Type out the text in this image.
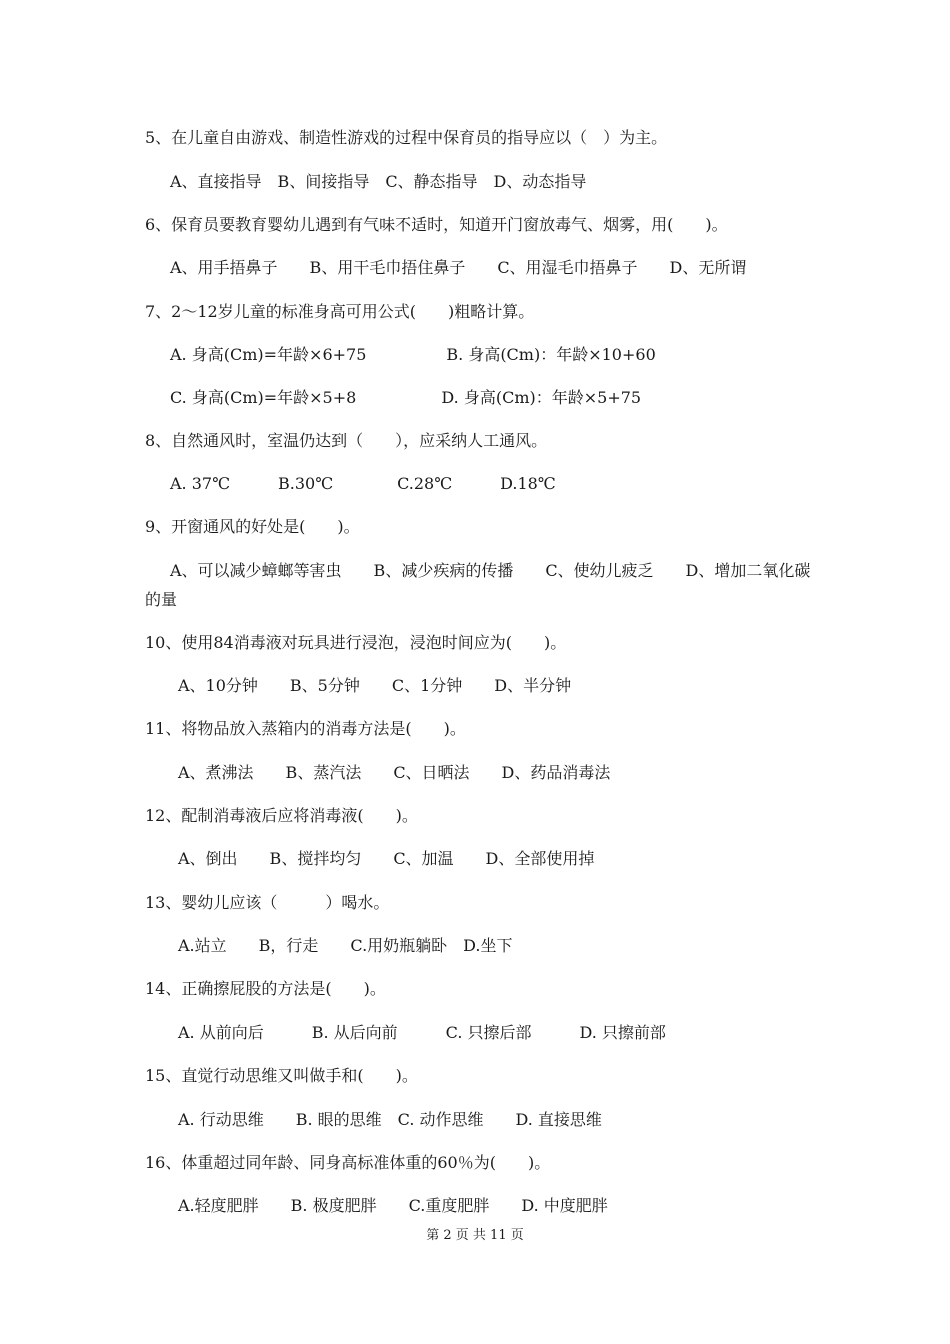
5、在儿童自由游戏、制造性游戏的过程中保育员的指导应以（　）为主。
A、直接指导　B、间接指导　C、静态指导　D、动态指导
6、保育员要教育婴幼儿遇到有气味不适时，知道开门窗放毒气、烟雾，用(　　)。
A、用手捂鼻子　　B、用干毛巾捂住鼻子　　C、用湿毛巾捂鼻子　　D、无所谓
7、2～12岁儿童的标准身高可用公式(　　)粗略计算。
A. 身高(Cm)=年龄×6+75　　　　　B. 身高(Cm)：年龄×10+60
C. 身高(Cm)=年龄×5+8　　　　　 D. 身高(Cm)：年龄×5+75
8、自然通风时，室温仍达到（　　），应采纳人工通风。
A. 37℃　　　B.30℃　　　　C.28℃　　　D.18℃
9、开窗通风的好处是(　　)。
A、可以减少蟑螂等害虫　　B、减少疾病的传播　　C、使幼儿疲乏　　D、增加二氧化碳
的量
10、使用84消毒液对玩具进行浸泡，浸泡时间应为(　　)。
A、10分钟　　B、5分钟　　C、1分钟　　D、半分钟
11、将物品放入蒸箱内的消毒方法是(　　)。
A、煮沸法　　B、蒸汽法　　C、日晒法　　D、药品消毒法
12、配制消毒液后应将消毒液(　　)。
A、倒出　　B、搅拌均匀　　C、加温　　D、全部使用掉
13、婴幼儿应该（　　　）喝水。
A.站立　　B，行走　　C.用奶瓶躺卧　D.坐下
14、正确擦屁股的方法是(　　)。
A. 从前向后　　　B. 从后向前　　　C. 只擦后部　　　D. 只擦前部
15、直觉行动思维又叫做手和(　　)。
A. 行动思维　　B. 眼的思维　C. 动作思维　　D. 直接思维
16、体重超过同年龄、同身高标准体重的60％为(　　)。
A.轻度肥胖　　B. 极度肥胖　　C.重度肥胖　　D. 中度肥胖
第 2 页 共 11 页
